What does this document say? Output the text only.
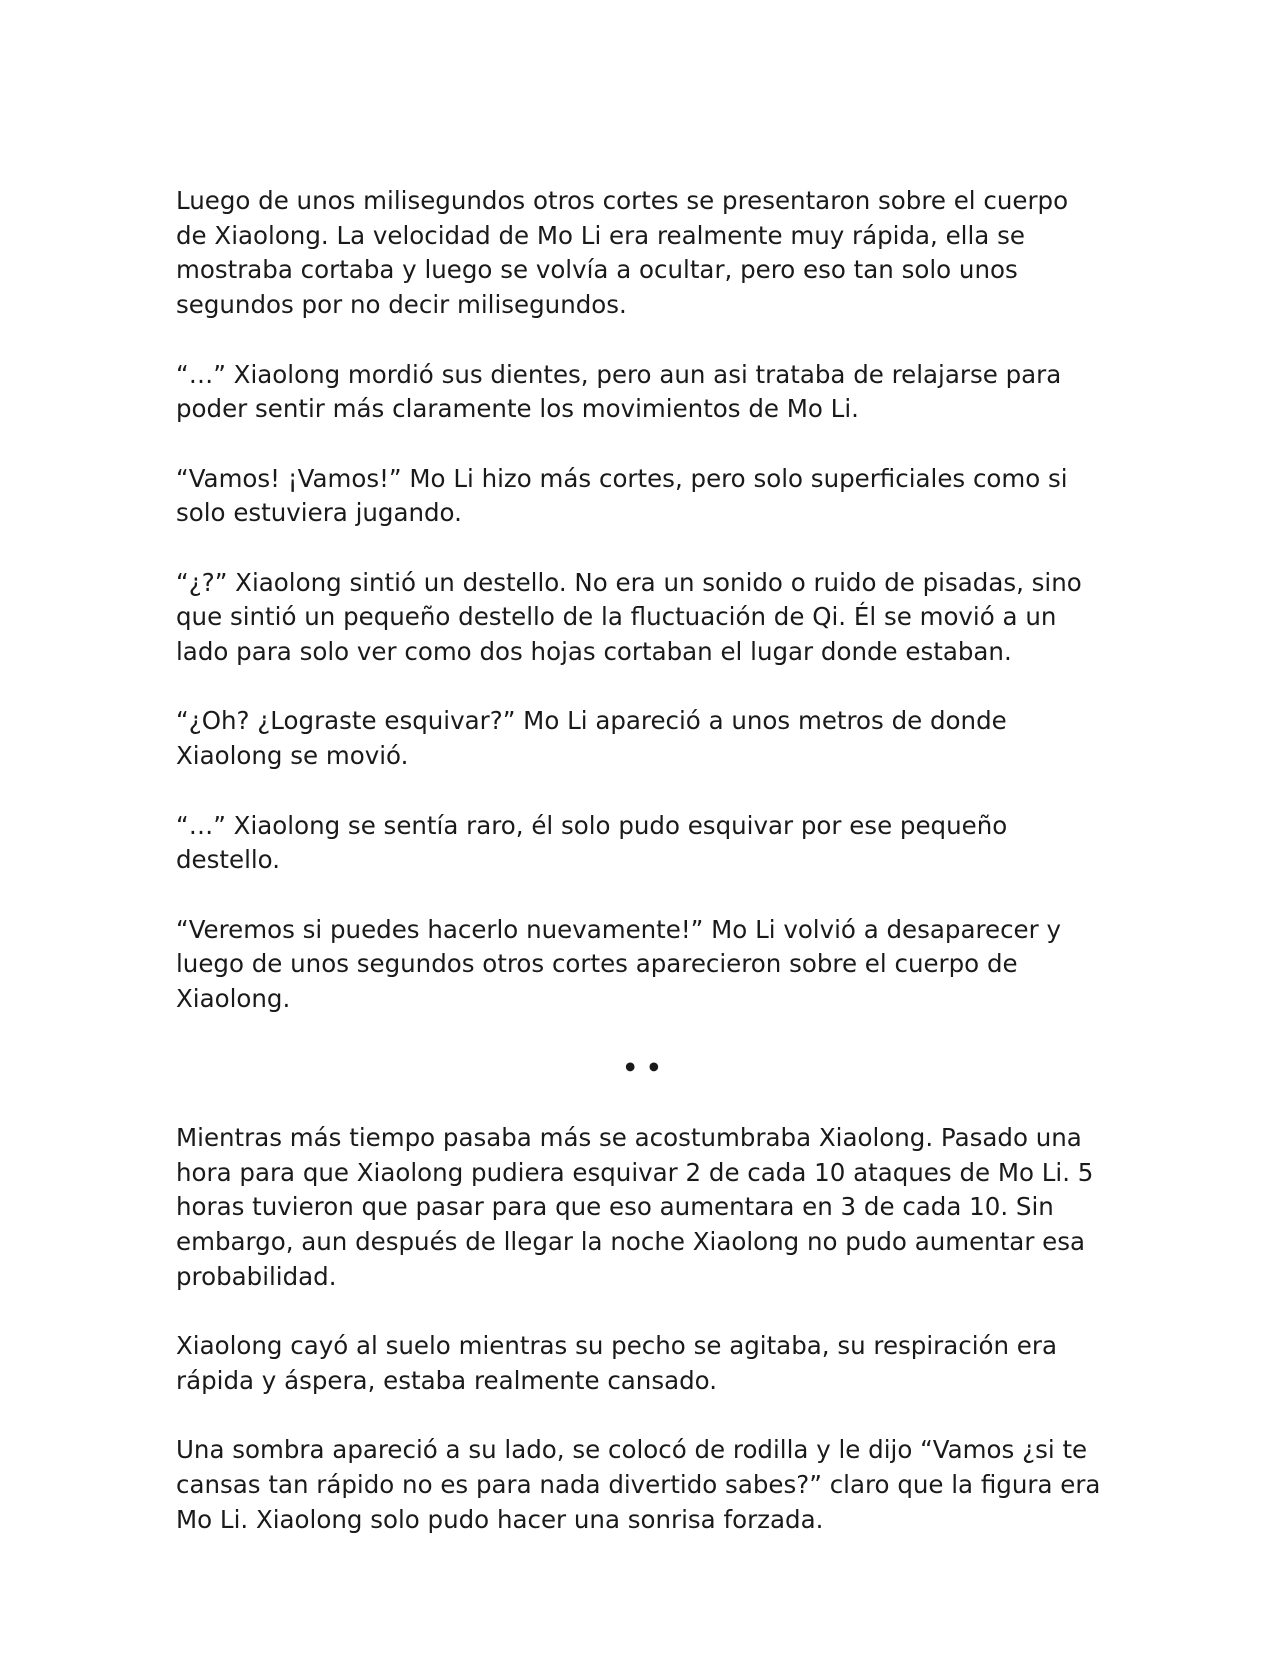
Luego de unos milisegundos otros cortes se presentaron sobre el cuerpo de Xiaolong. La velocidad de Mo Li era realmente muy rápida, ella se mostraba cortaba y luego se volvía a ocultar, pero eso tan solo unos segundos por no decir milisegundos.

“…” Xiaolong mordió sus dientes, pero aun asi trataba de relajarse para poder sentir más claramente los movimientos de Mo Li.

“Vamos! ¡Vamos!” Mo Li hizo más cortes, pero solo superficiales como si solo estuviera jugando.

“¿?” Xiaolong sintió un destello. No era un sonido o ruido de pisadas, sino que sintió un pequeño destello de la fluctuación de Qi. Él se movió a un lado para solo ver como dos hojas cortaban el lugar donde estaban.

“¿Oh? ¿Lograste esquivar?” Mo Li apareció a unos metros de donde Xiaolong se movió.

“…” Xiaolong se sentía raro, él solo pudo esquivar por ese pequeño destello.

“Veremos si puedes hacerlo nuevamente!” Mo Li volvió a desaparecer y luego de unos segundos otros cortes aparecieron sobre el cuerpo de Xiaolong.

••

Mientras más tiempo pasaba más se acostumbraba Xiaolong. Pasado una hora para que Xiaolong pudiera esquivar 2 de cada 10 ataques de Mo Li. 5 horas tuvieron que pasar para que eso aumentara en 3 de cada 10. Sin embargo, aun después de llegar la noche Xiaolong no pudo aumentar esa probabilidad.

Xiaolong cayó al suelo mientras su pecho se agitaba, su respiración era rápida y áspera, estaba realmente cansado.

Una sombra apareció a su lado, se colocó de rodilla y le dijo “Vamos ¿si te cansas tan rápido no es para nada divertido sabes?” claro que la figura era Mo Li. Xiaolong solo pudo hacer una sonrisa forzada.
